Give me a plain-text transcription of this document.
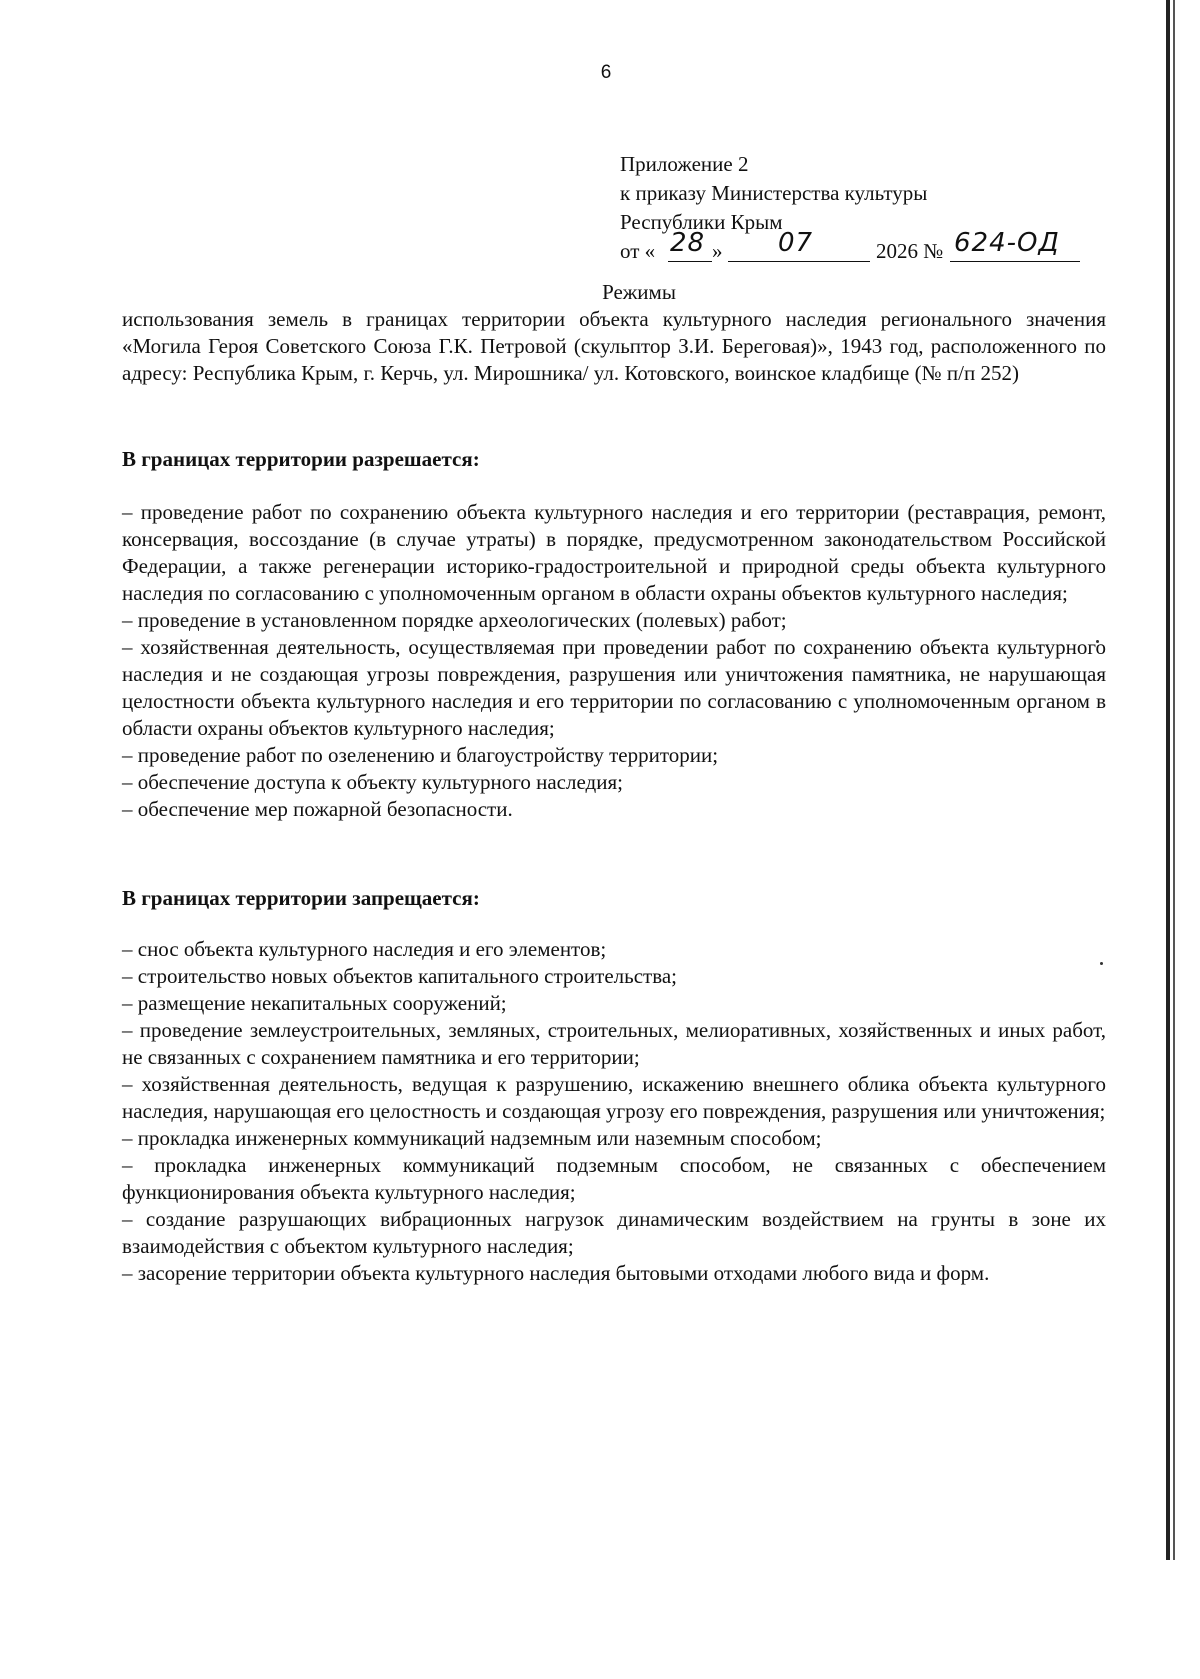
6
Приложение 2
к приказу Министерства культуры
Республики Крым
от « 28 » 07	2026 № 624-ОД
Режимы
использования земель в границах территории объекта культурного наследия регионального значения «Могила Героя Советского Союза Г.К. Петровой (скульптор З.И. Береговая)», 1943 год, расположенного по адресу: Республика Крым, г. Керчь, ул. Мирошника/ ул. Котовского, воинское кладбище (№ п/п 252)
В границах территории разрешается:

– проведение работ по сохранению объекта культурного наследия и его территории (реставрация, ремонт, консервация, воссоздание (в случае утраты) в порядке, предусмотренном законодательством Российской Федерации, а также регенерации историко-градостроительной и природной среды объекта культурного наследия по согласованию с уполномоченным органом в области охраны объектов культурного наследия;

– проведение в установленном порядке археологических (полевых) работ;

– хозяйственная деятельность, осуществляемая при проведении работ по сохранению объекта культурного наследия и не создающая угрозы повреждения, разрушения или уничтожения памятника, не нарушающая целостности объекта культурного наследия и его территории по согласованию с уполномоченным органом в области охраны объектов культурного наследия;

– проведение работ по озеленению и благоустройству территории;

– обеспечение доступа к объекту культурного наследия;

– обеспечение мер пожарной безопасности.

В границах территории запрещается:

– снос объекта культурного наследия и его элементов;

– строительство новых объектов капитального строительства;

– размещение некапитальных сооружений;

– проведение землеустроительных, земляных, строительных, мелиоративных, хозяйственных и иных работ, не связанных с сохранением памятника и его территории;

– хозяйственная деятельность, ведущая к разрушению, искажению внешнего облика объекта культурного наследия, нарушающая его целостность и создающая угрозу его повреждения, разрушения или уничтожения;

– прокладка инженерных коммуникаций надземным или наземным способом;

– прокладка инженерных коммуникаций подземным способом, не связанных с обеспечением функционирования объекта культурного наследия;

– создание разрушающих вибрационных нагрузок динамическим воздействием на грунты в зоне их взаимодействия с объектом культурного наследия;

– засорение территории объекта культурного наследия бытовыми отходами любого вида и форм.
